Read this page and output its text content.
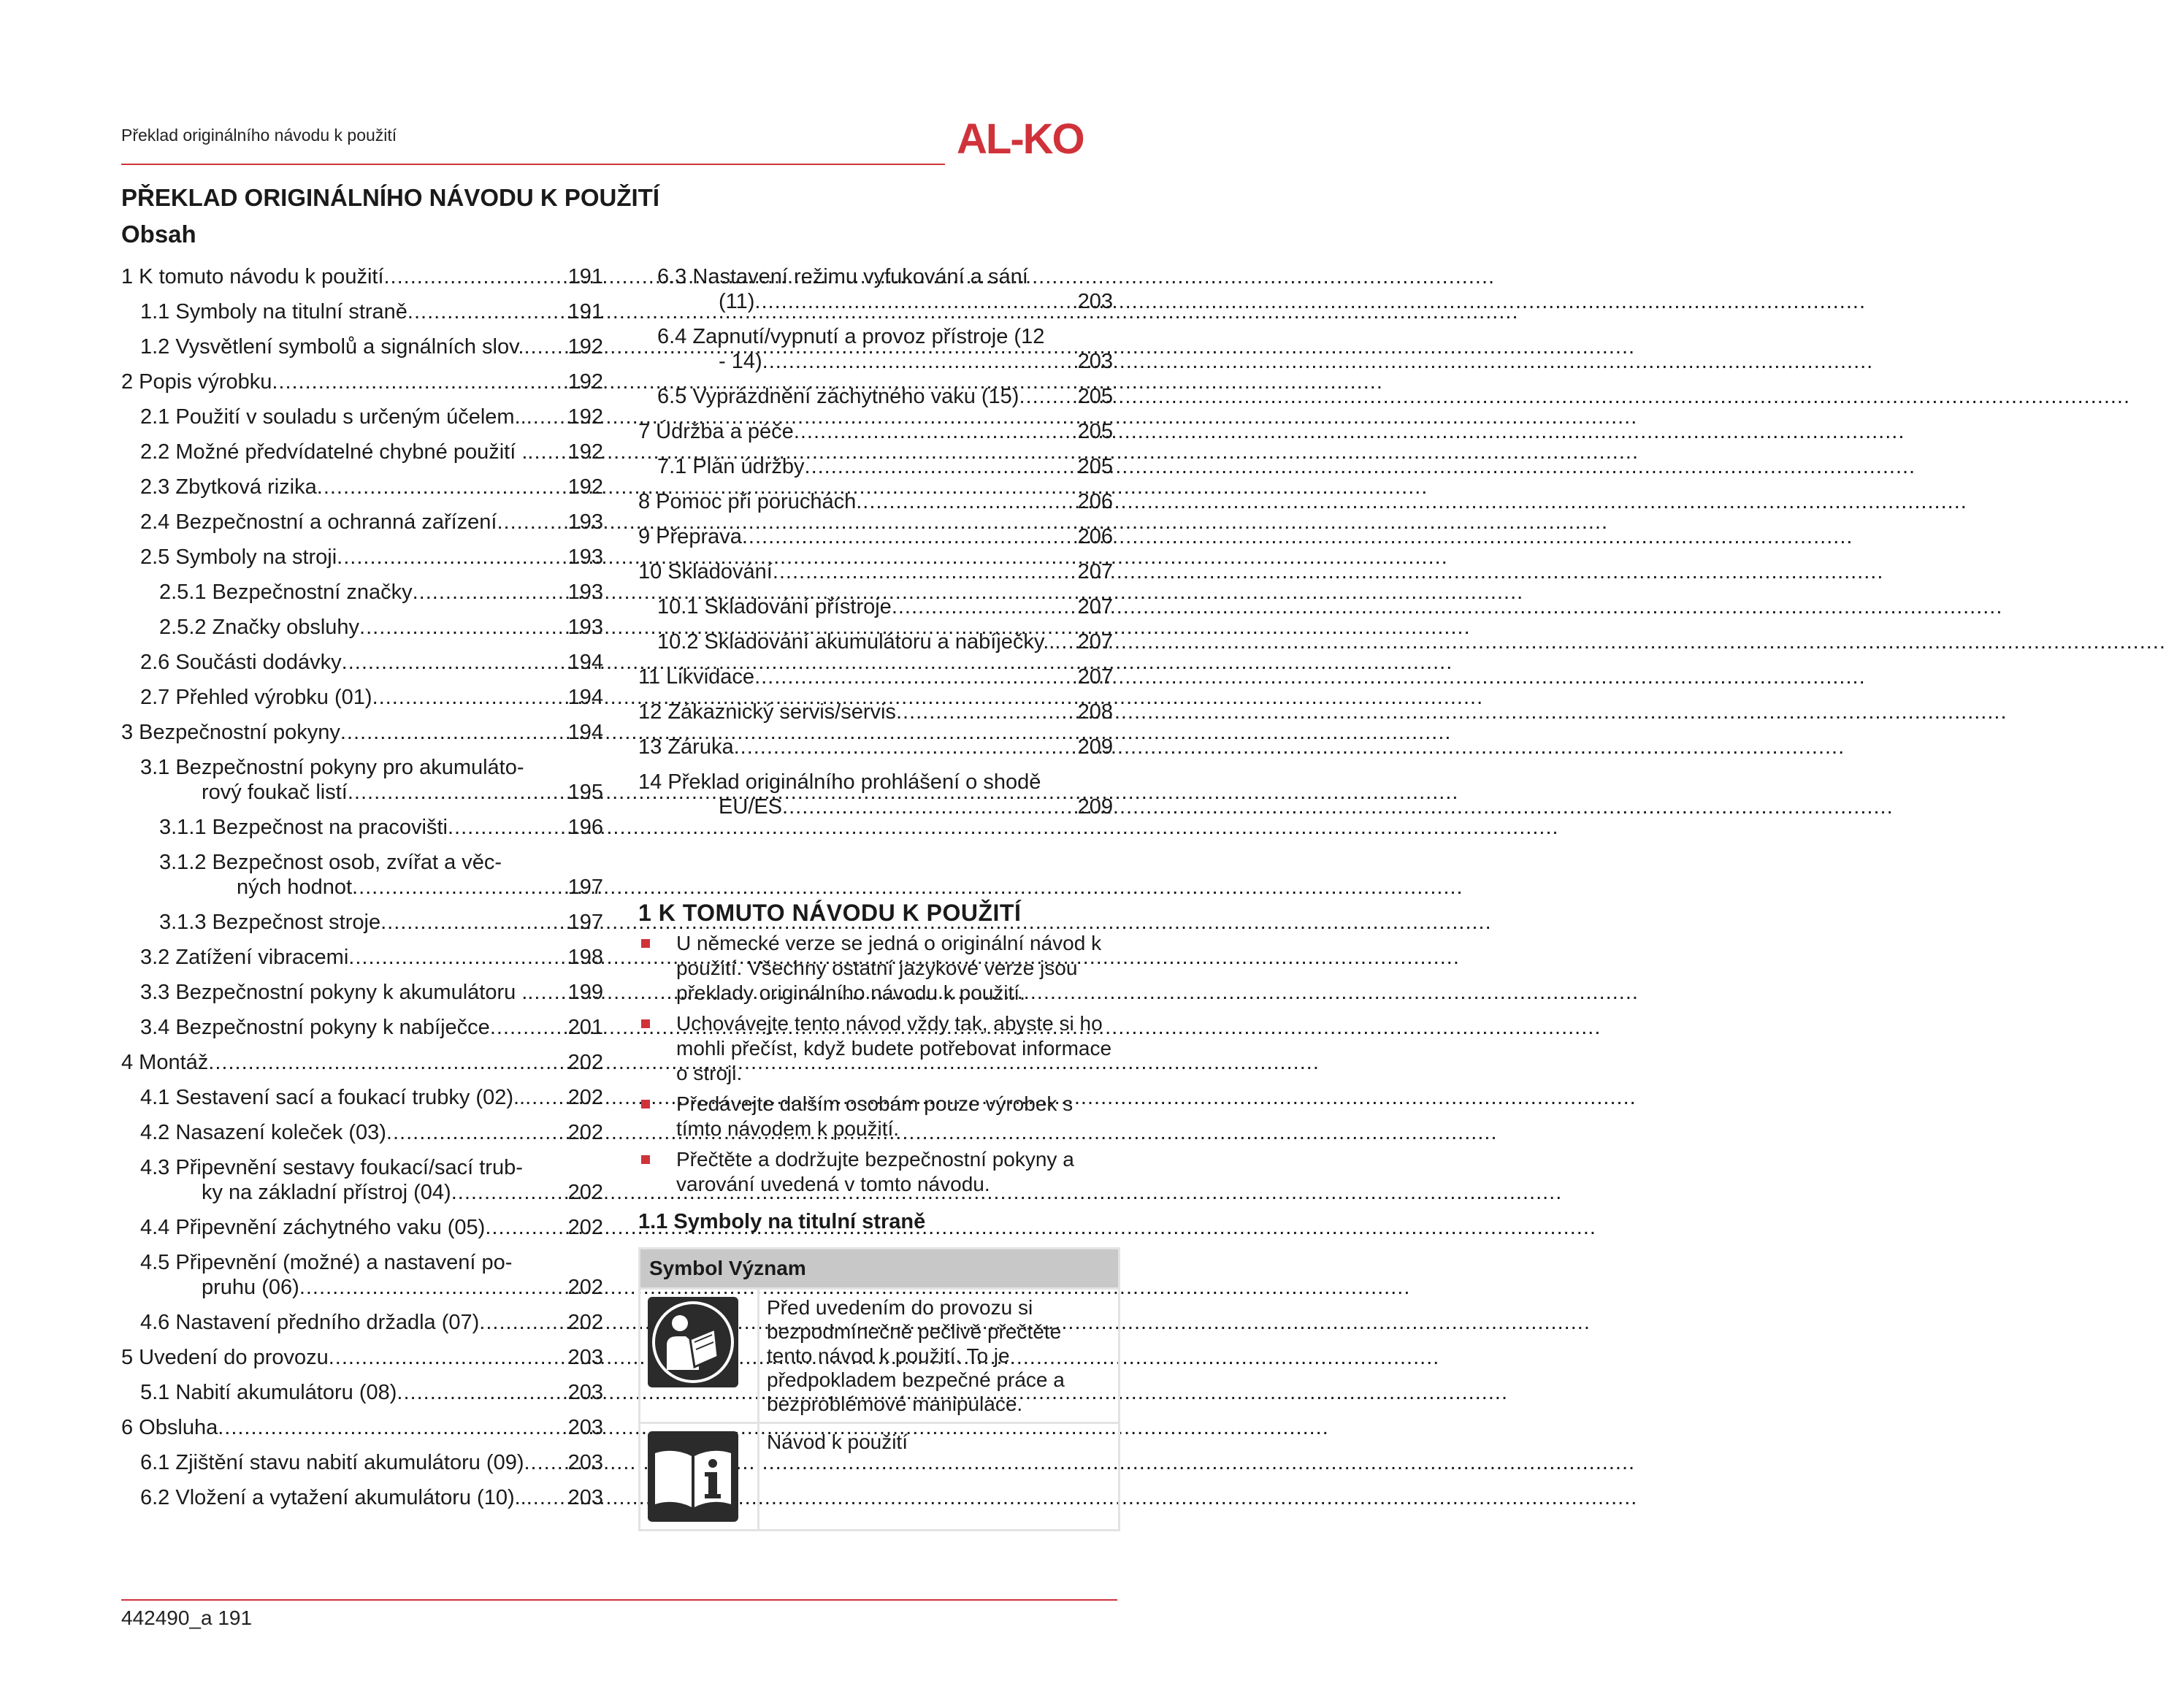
Překlad originálního návodu k použití	AL-KO
PŘEKLAD ORIGINÁLNÍHO NÁVODU K POUŽITÍ
Obsah
1 K tomuto návodu k použití .....	191
1.1 Symboly na titulní straně .....	191
1.2 Vysvětlení symbolů a signálních slov. ..... 192
2 Popis výrobku .....	192
2.1 Použití v souladu s určeným účelem.. ..... 192
2.2 Možné předvídatelné chybné použití . ..... 192
2.3 Zbytková rizika .....	192
2.4 Bezpečnostní a ochranná zařízení .....	193
2.5 Symboly na stroji .....	193
2.5.1 Bezpečnostní značky .....	193
2.5.2 Značky obsluhy .....	193
2.6 Součásti dodávky .....	194
2.7 Přehled výrobku (01) .....	194
3 Bezpečnostní pokyny .....	194
3.1 Bezpečnostní pokyny pro akumuláto-
rový foukač listí .....	195
3.1.1 Bezpečnost na pracovišti .....	196
3.1.2 Bezpečnost osob, zvířat a věc-
ných hodnot .....	197
3.1.3 Bezpečnost stroje .....	197
3.2 Zatížení vibracemi .....	198
3.3 Bezpečnostní pokyny k akumulátoru . ..... 199
3.4 Bezpečnostní pokyny k nabíječce .....	201
4 Montáž .....	202
4.1 Sestavení sací a foukací trubky (02).. ..... 202
4.2 Nasazení koleček (03) .....	202
4.3 Připevnění sestavy foukací/sací trub-
ky na základní přístroj (04) .....	202
4.4 Připevnění záchytného vaku (05) .....	202
4.5 Připevnění (možné) a nastavení po-
pruhu (06) .....	202
4.6 Nastavení předního držadla (07) .....	202
5 Uvedení do provozu .....	203
5.1 Nabití akumulátoru (08) .....	203
6 Obsluha .....	203
6.1 Zjištění stavu nabití akumulátoru (09) ..... 203
6.2 Vložení a vytažení akumulátoru (10).. ..... 203
6.3 Nastavení režimu vyfukování a sání
(11) .....	203
6.4 Zapnutí/vypnutí a provoz přístroje (12
- 14) .....	203
6.5 Vyprázdnění záchytného vaku (15) .....	205
7 Údržba a péče .....	205
7.1 Plán údržby .....	205
8 Pomoc při poruchách .....	206
9 Přeprava .....	206
10 Skladování .....	207
10.1 Skladování přístroje .....	207
10.2 Skladování akumulátoru a nabíječky.. ..... 207
11 Likvidace .....	207
12 Zákaznický servis/servis .....	208
13 Záruka .....	209
14 Překlad originálního prohlášení o shodě
EU/ES .....	209
1 K TOMUTO NÁVODU K POUŽITÍ
U německé verze se jedná o originální návod k použití. Všechny ostatní jazykové verze jsou překlady originálního návodu k použití.
Uchovávejte tento návod vždy tak, abyste si ho mohli přečíst, když budete potřebovat informace o stroji.
Předávejte dalším osobám pouze výrobek s tímto návodem k použití.
Přečtěte a dodržujte bezpečnostní pokyny a varování uvedená v tomto návodu.
1.1 Symboly na titulní straně
Symbol Význam	

	Před uvedením do provozu si bezpodmínečně pečlivě přečtěte tento návod k použití. To je předpokladem bezpečné práce a bezproblémové manipulace.

	Návod k použití
442490_a 191
